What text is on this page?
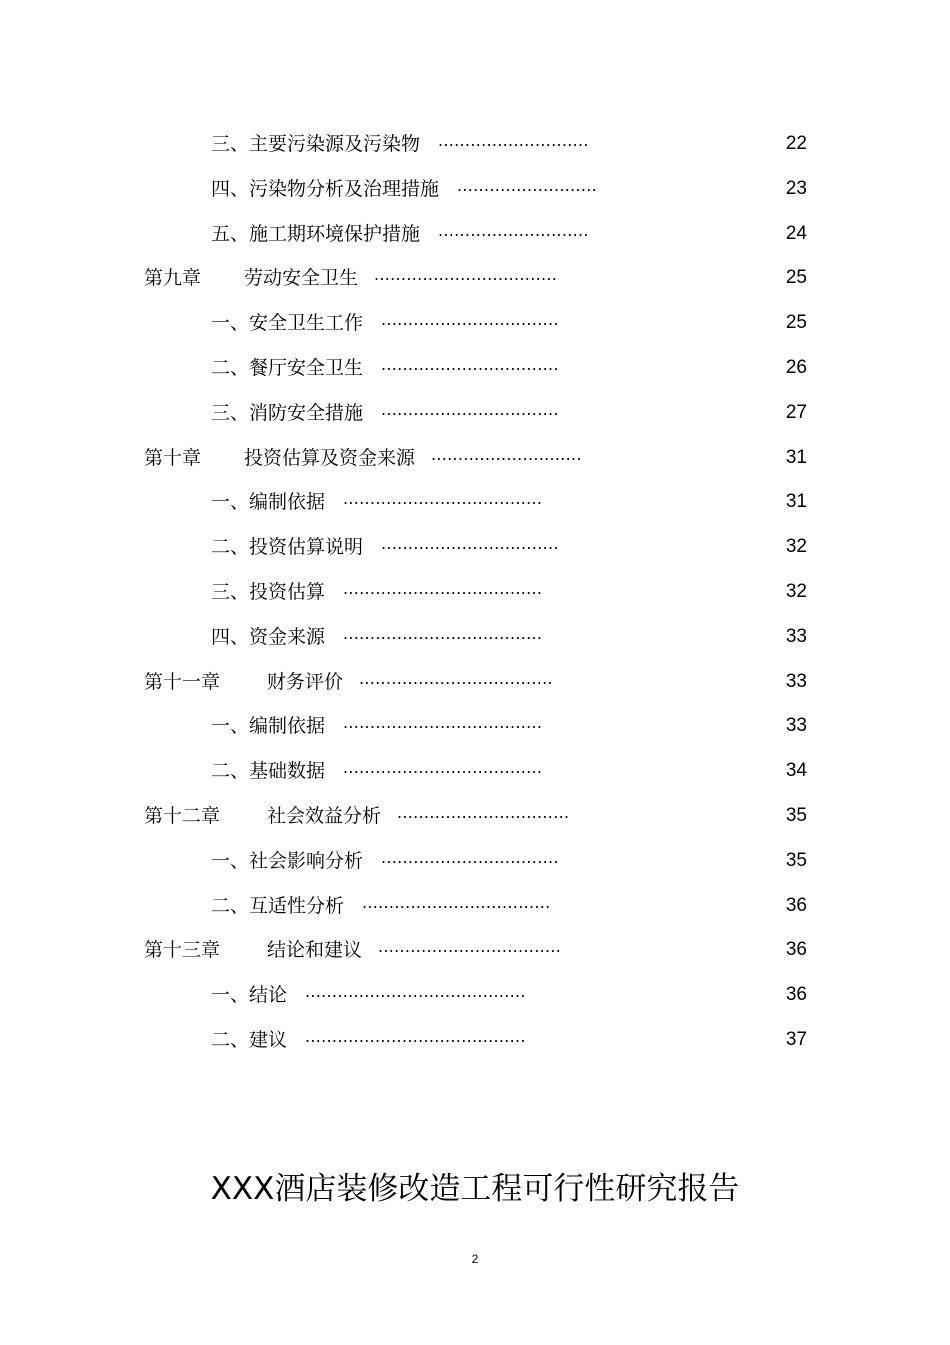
三、主要污染源及污染物 ............................	22
四、污染物分析及治理措施 ..........................	23
五、施工期环境保护措施 ............................	24
第九章 劳动安全卫生 ..................................	25
一、安全卫生工作 .................................	25
二、餐厅安全卫生 .................................	26
三、消防安全措施 .................................	27
第十章 投资估算及资金来源 ............................	31
一、编制依据 .....................................	31
二、投资估算说明 .................................	32
三、投资估算 .....................................	32
四、资金来源 .....................................	33
第十一章 财务评价 ....................................	33
一、编制依据 .....................................	33
二、基础数据 .....................................	34
第十二章 社会效益分析 ................................	35
一、社会影响分析 .................................	35
二、互适性分析 ...................................	36
第十三章 结论和建议 ..................................	36
一、结论 .........................................	36
二、建议 .........................................	37
XXX酒店装修改造工程可行性研究报告
2
